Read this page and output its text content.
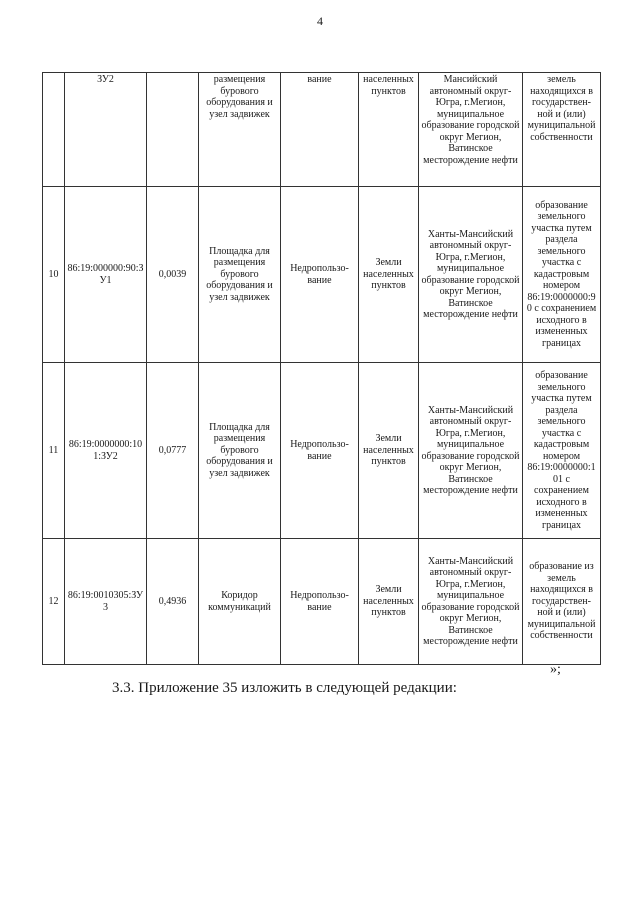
4
	ЗУ2		размещения бурового оборудования и узел задвижек	вание	населенных пунктов	Мансийский автономный округ-Югра, г.Мегион, муниципальное образование городской округ Мегион, Ватинское месторождение нефти	земель находящихся в государствен-ной и (или) муниципальной собственности
10	86:19:000000:90:ЗУ1	0,0039	Площадка для размещения бурового оборудования и узел задвижек	Недропользо-вание	Земли населенных пунктов	Ханты-Мансийский автономный округ-Югра, г.Мегион, муниципальное образование городской округ Мегион, Ватинское месторождение нефти	образование земельного участка путем раздела земельного участка с кадастровым номером 86:19:0000000:90 с сохранением исходного в измененных границах
11	86:19:0000000:101:ЗУ2	0,0777	Площадка для размещения бурового оборудования и узел задвижек	Недропользо-вание	Земли населенных пунктов	Ханты-Мансийский автономный округ-Югра, г.Мегион, муниципальное образование городской округ Мегион, Ватинское месторождение нефти	образование земельного участка путем раздела земельного участка с кадастровым номером 86:19:0000000:101 с сохранением исходного в измененных границах
12	86:19:0010305:ЗУ3	0,4936	Коридор коммуникаций	Недропользо-вание	Земли населенных пунктов	Ханты-Мансийский автономный округ-Югра, г.Мегион, муниципальное образование городской округ Мегион, Ватинское месторождение нефти	образование из земель находящихся в государствен-ной и (или) муниципальной собственности
»;
3.3. Приложение 35 изложить в следующей редакции:
